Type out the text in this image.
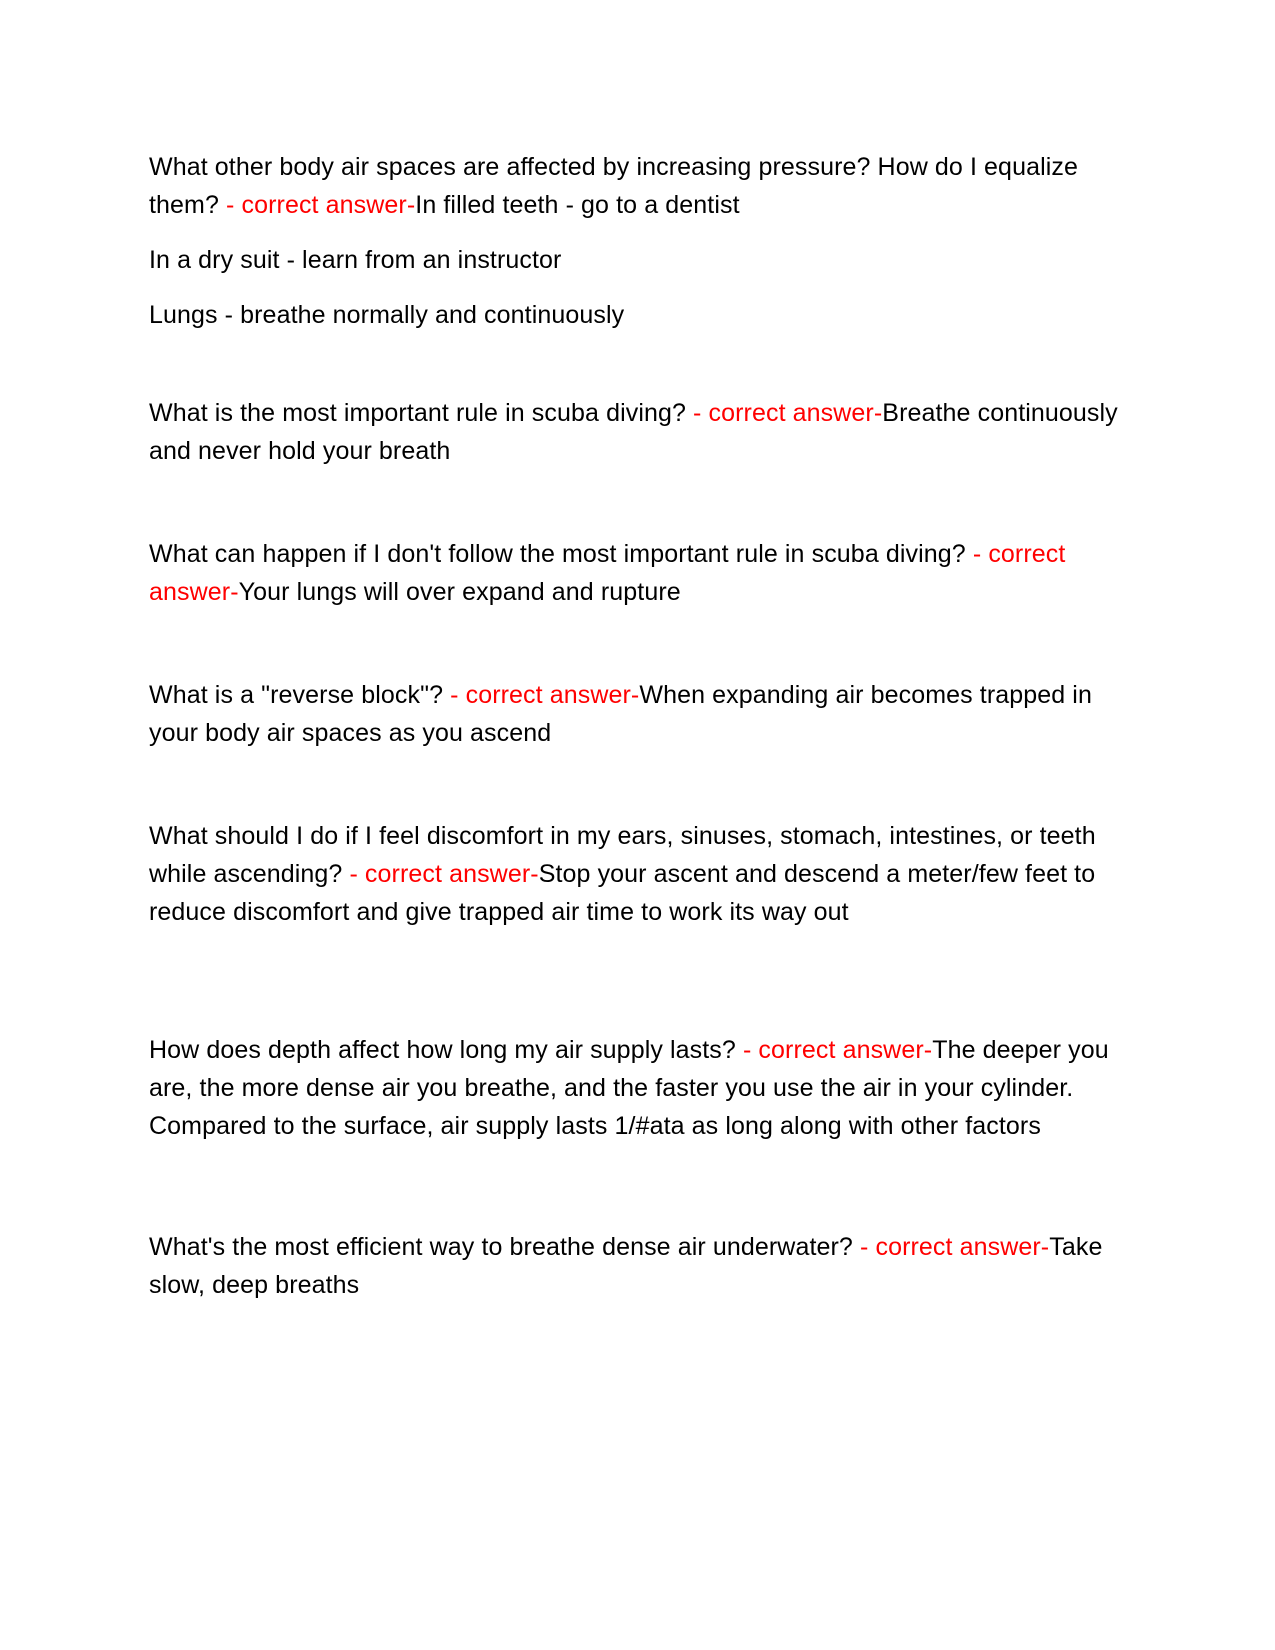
What other body air spaces are affected by increasing pressure? How do I equalize them? - correct answer-In filled teeth - go to a dentist

In a dry suit - learn from an instructor

Lungs - breathe normally and continuously

What is the most important rule in scuba diving? - correct answer-Breathe continuously and never hold your breath

What can happen if I don't follow the most important rule in scuba diving? - correct answer-Your lungs will over expand and rupture

What is a "reverse block"? - correct answer-When expanding air becomes trapped in your body air spaces as you ascend

What should I do if I feel discomfort in my ears, sinuses, stomach, intestines, or teeth while ascending? - correct answer-Stop your ascent and descend a meter/few feet to reduce discomfort and give trapped air time to work its way out

How does depth affect how long my air supply lasts? - correct answer-The deeper you are, the more dense air you breathe, and the faster you use the air in your cylinder. Compared to the surface, air supply lasts 1/#ata as long along with other factors

What's the most efficient way to breathe dense air underwater? - correct answer-Take slow, deep breaths
